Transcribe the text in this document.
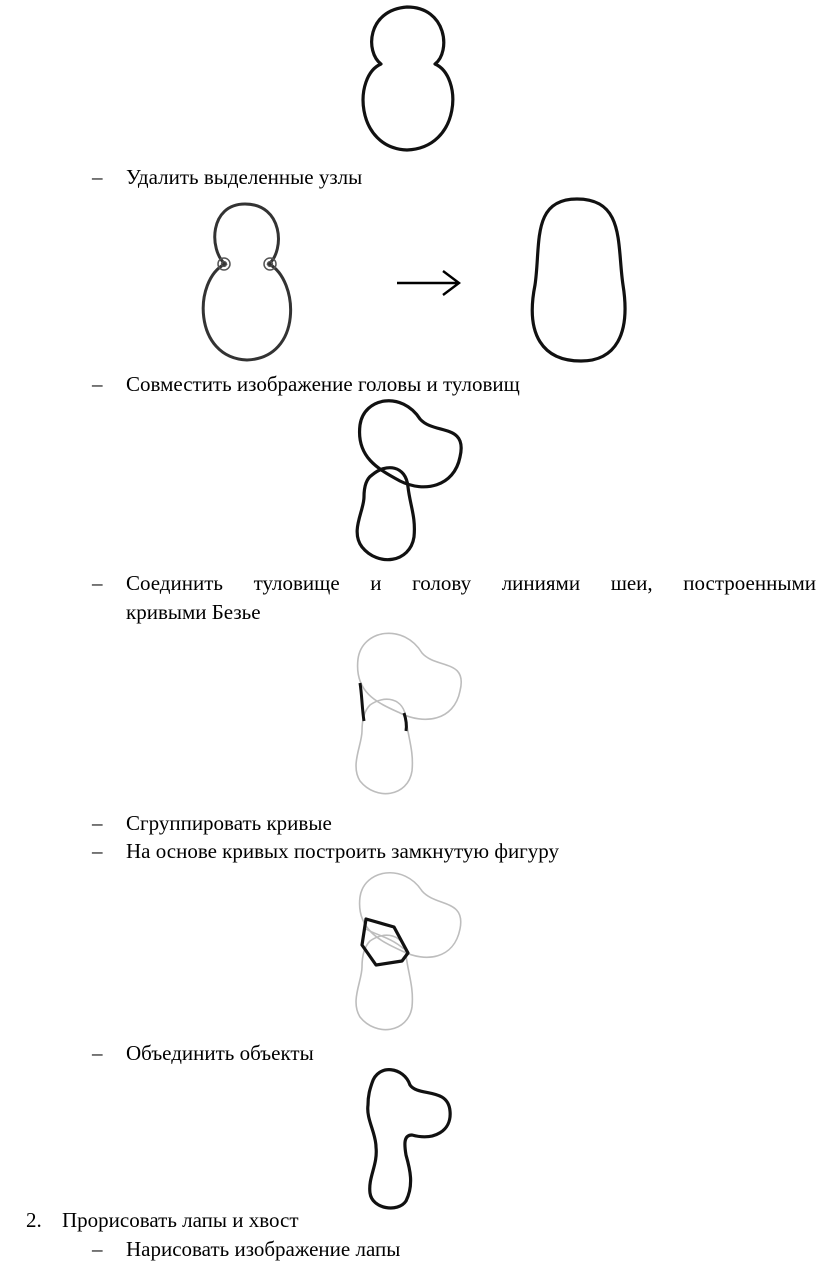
– Удалить выделенные узлы
– Совместить изображение головы и туловищ
– Соединить туловище и голову линиями шеи, построенными
кривыми Безье
– Сгруппировать кривые
– На основе кривых построить замкнутую фигуру
– Объединить объекты
2. Прорисовать лапы и хвост
– Нарисовать изображение лапы
